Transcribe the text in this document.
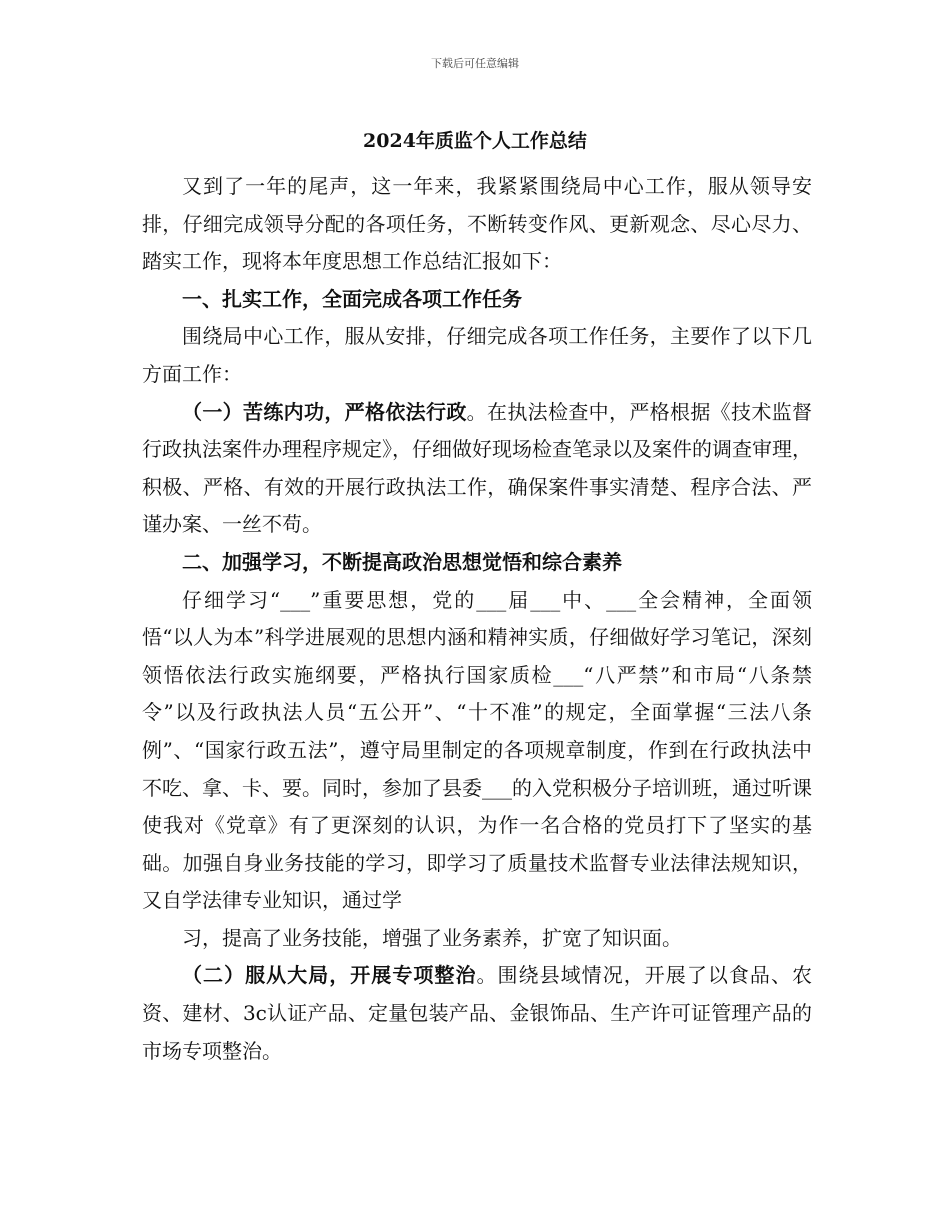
下载后可任意编辑
2024年质监个人工作总结

又到了一年的尾声，这一年来，我紧紧围绕局中心工作，服从领导安排，仔细完成领导分配的各项任务，不断转变作风、更新观念、尽心尽力、踏实工作，现将本年度思想工作总结汇报如下：

一、扎实工作，全面完成各项工作任务

围绕局中心工作，服从安排，仔细完成各项工作任务，主要作了以下几方面工作：

（一）苦练内功，严格依法行政。在执法检查中，严格根据《技术监督行政执法案件办理程序规定》，仔细做好现场检查笔录以及案件的调查审理，积极、严格、有效的开展行政执法工作，确保案件事实清楚、程序合法、严谨办案、一丝不苟。

二、加强学习，不断提高政治思想觉悟和综合素养

仔细学习“___”重要思想，党的___届___中、___全会精神，全面领悟“以人为本”科学进展观的思想内涵和精神实质，仔细做好学习笔记，深刻领悟依法行政实施纲要，严格执行国家质检___“八严禁”和市局“八条禁令”以及行政执法人员“五公开”、“十不准”的规定，全面掌握“三法八条例”、“国家行政五法”，遵守局里制定的各项规章制度，作到在行政执法中不吃、拿、卡、要。同时，参加了县委___的入党积极分子培训班，通过听课使我对《党章》有了更深刻的认识，为作一名合格的党员打下了坚实的基础。加强自身业务技能的学习，即学习了质量技术监督专业法律法规知识，又自学法律专业知识，通过学

习，提高了业务技能，增强了业务素养，扩宽了知识面。

（二）服从大局，开展专项整治。围绕县域情况，开展了以食品、农资、建材、3c认证产品、定量包装产品、金银饰品、生产许可证管理产品的市场专项整治。
